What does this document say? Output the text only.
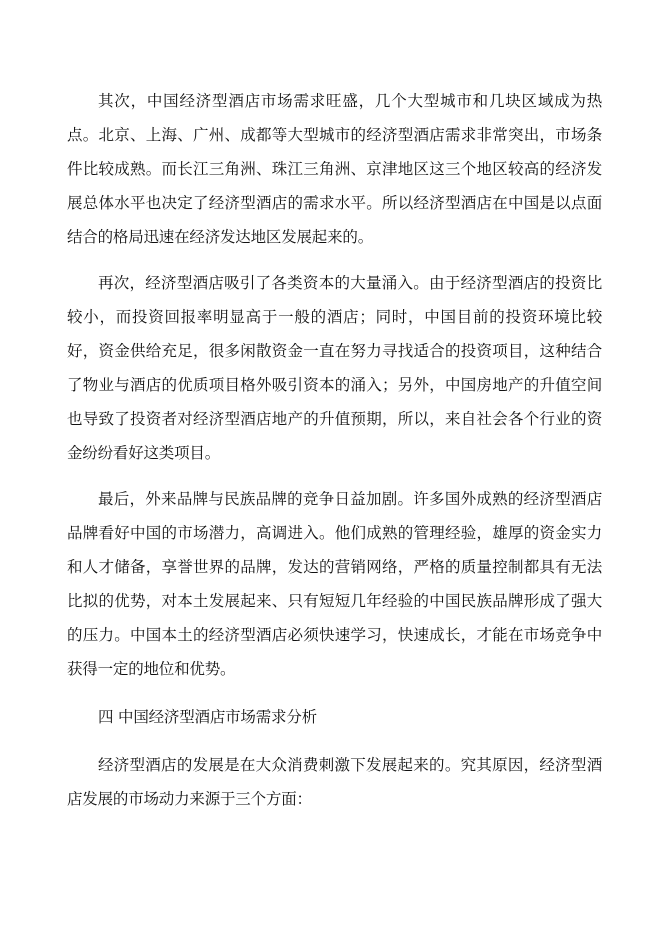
其次，中国经济型酒店市场需求旺盛，几个大型城市和几块区域成为热点。北京、上海、广州、成都等大型城市的经济型酒店需求非常突出，市场条件比较成熟。而长江三角洲、珠江三角洲、京津地区这三个地区较高的经济发展总体水平也决定了经济型酒店的需求水平。所以经济型酒店在中国是以点面结合的格局迅速在经济发达地区发展起来的。

再次，经济型酒店吸引了各类资本的大量涌入。由于经济型酒店的投资比较小，而投资回报率明显高于一般的酒店；同时，中国目前的投资环境比较好，资金供给充足，很多闲散资金一直在努力寻找适合的投资项目，这种结合了物业与酒店的优质项目格外吸引资本的涌入；另外，中国房地产的升值空间也导致了投资者对经济型酒店地产的升值预期，所以，来自社会各个行业的资金纷纷看好这类项目。

最后，外来品牌与民族品牌的竞争日益加剧。许多国外成熟的经济型酒店品牌看好中国的市场潜力，高调进入。他们成熟的管理经验，雄厚的资金实力和人才储备，享誉世界的品牌，发达的营销网络，严格的质量控制都具有无法比拟的优势，对本土发展起来、只有短短几年经验的中国民族品牌形成了强大的压力。中国本土的经济型酒店必须快速学习，快速成长，才能在市场竞争中获得一定的地位和优势。

四 中国经济型酒店市场需求分析

经济型酒店的发展是在大众消费刺激下发展起来的。究其原因，经济型酒店发展的市场动力来源于三个方面：
